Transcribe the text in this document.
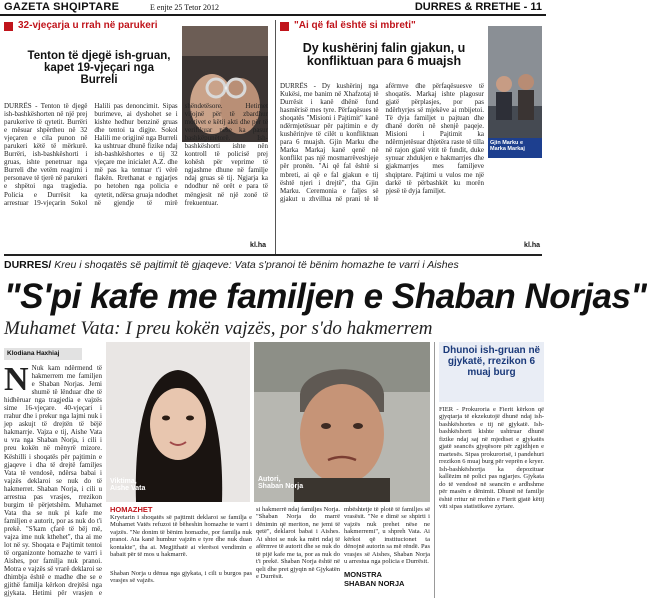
GAZETA SHQIPTARE	E enjte 25 Tetor 2012	DURRES & RRETHE - 11
32-vjeçarja u rrah në parukeri
Tenton të djegë ish-gruan, kapet 19-vjeçari nga Burreli
DURRËS - Tenton të djegë ish-bashkëshorten në një prej parukerive të qytetit. Burrëri e mësuar shpërtheu në 32 vjeçaren e cila punon në parukeri këtë të mërkurë. Burrëri, ish-bashkëshorti i gruas, ishte penetruar nga Burreli dhe vetëm reagimi i personave të tjerë në parukeri e shpëtoi nga tragjedia. Policia e Durrësit ka arrestuar 19-vjeçarin Sokol Halili pas denoncimit. Sipas burimeve, ai dyshohet se i kishte hedhur benzinë gruas dhe tentoi ta digjte. Sokol Halili me origjinë nga Burreli ka ushtruar dhunë fizike ndaj ish-bashkëshortes e tij 32 vjeçare me inicialet A.Z. dhe më pas ka tentuar t'i vërë flakën. Rrethanat e ngjarjes po hetohen nga policia e qytetit, ndërsa gruaja ndodhet në gjendje të mirë shëndetësore. Hetimet vijojnë për të zbardhur motivet e këtij akti dhe për të verifikuar nëse ka pasur bashkëpunëtorë. Ish-bashkëshorti ishte nën kontroll të policisë prej kohësh për veprime të ngjashme dhune në familje ndaj gruas së tij. Ngjarja ka ndodhur në orët e para të mëngjesit në një zonë të frekuentuar.
kl.ha
"Ai që fal është si mbreti"
Dy kushërinj falin gjakun, u konfliktuan para 6 muajsh
Gjin Marku e Marka Markaj
DURRËS - Dy kushërinj nga Kukësi, me banim në Xhafzotaj të Durrësit i kanë dhënë fund hasmërisë mes tyre. Përfaqësues të shoqatës "Misioni i Pajtimit" kanë ndërmjetësuar për pajtimin e dy kushërinjve të cilët u konfliktuan para 6 muajsh. Gjin Marku dhe Marka Markaj kanë qenë në konflikt pas një mosmarrëveshjeje për pronën. "Ai që fal është si mbreti, ai që e fal gjakun e tij është njeri i drejtë", tha Gjin Marku. Ceremonia e faljes së gjakut u zhvillua në prani të të afërmve dhe përfaqësuesve të shoqatës. Markaj ishte plagosur gjatë përplasjes, por pas ndërhyrjes së mjekëve ai mbijetoi. Të dyja familjet u pajtuan dhe dhanë dorën në shenjë paqeje. Misioni i Pajtimit ka ndërmjetësuar dhjetëra raste të tilla në rajon gjatë vitit të fundit, duke synuar zhdukjen e hakmarrjes dhe gjakmarrjes mes familjeve shqiptare. Pajtimi u vulos me një darkë të përbashkët ku morën pjesë të dyja familjet.
kl.ha
DURRES/ Kreu i shoqatës së pajtimit të gjaqeve: Vata s'pranoi të bënim homazhe te varri i Aishes
"S'pi kafe me familjen e Shaban Norjas"
Muhamet Vata: I preu kokën vajzës, por s'do hakmerrem
Klodiana Haxhiaj
N Nuk kam ndërmend të hakmerrem me familjen e Shaban Norjas. Jemi shumë të lënduar dhe të hidhëruar nga tragjedia e vajzës sime 16-vjeçare. 40-vjeçari i rrahur dhe i prekur nga lajmi nuk i jep askujt të drejtën të bëjë hakmarrje. Vajza e tij, Aishe Vata u vra nga Shaban Norja, i cili i preu kokën në mënyrë mizore. Këshilli i shoqatës për pajtimin e gjaqeve i dha të drejtë familjes Vata të vendosë, ndërsa babai i vajzës deklaroi se nuk do të hakmerret. Shaban Norja, i cili u arrestua pas vrasjes, rrezikon burgim të përjetshëm. Muhamet Vata tha se nuk pi kafe me familjen e autorit, por as nuk do t'i prekë. "S'kam çfarë të bëj më, vajza ime nuk kthehet", tha ai me lot në sy. Shoqata e Pajtimit tentoi të organizonte homazhe te varri i Aishes, por familja nuk pranoi. Motra e vajzës së vrarë deklaroi se dhimbja është e madhe dhe se e gjithë familja kërkon drejtësi nga gjykata. Hetimi për vrasjen e
Viktima,
Aishe Vata
Autori,
Shaban Norja
HOMAZHET
Kryetarin i shoqatës së pajtimit deklaroi se familja e Muhamet Vatës refuzoi të bëheshin homazhe te varri i vajzës. "Ne donim të bënim homazhe, por familja nuk pranoi. Ata kanë humbur vajzën e tyre dhe nuk duan kontakte", tha ai. Megjithatë ai vlerësoi vendimin e babait për të mos u hakmarrë.
Shaban Norja u dënua nga gjykata, i cili u burgos pas vrasjes së vajzës.
si hakmerrë ndaj familjes Norja. "Shaban Norja do marrë dënimin që meriton, ne jemi të qetë", deklaroi babai i Aishes. Ai shtoi se nuk ka mëri ndaj të afërmve të autorit dhe se nuk do të pijë kafe me ta, por as nuk do t'i prekë. Shaban Norja është në qeli dhe pret gjyqin në Gjykatën e Durrësit.
mbështetje të plotë të familjes së vrasësit. "Ne e dimë se shpirti i vajzës nuk prehet nëse ne hakmerremi", u shpreh Vata. Ai kërkoi që institucionet ta dënojnë autorin sa më rëndë. Pas vrasjes së Aishes, Shaban Norja u arrestua nga policia e Durrësit.
MONSTRA
SHABAN NORJA
Dhunoi ish-gruan në gjykatë, rrezikon 6 muaj burg
FIER - Prokuroria e Fierit kërkon që gjyqtarja të ekzekutojë dhunë ndaj ish-bashkëshortes e tij në gjykatë. Ish-bashkëshorti kishte ushtruar dhunë fizike ndaj saj në mjediset e gjykatës gjatë seancës gjyqësore për zgjidhjen e martesës. Sipas prokurorisë, i pandehuri rrezikon 6 muaj burg për veprën e kryer. Ish-bashkëshortja ka depozituar kallëzim në polici pas ngjarjes. Gjykata do të vendosë në seancën e ardhshme për masën e dënimit. Dhunë në familje është rritur në rrethin e Fierit gjatë këtij viti sipas statistikave zyrtare.
